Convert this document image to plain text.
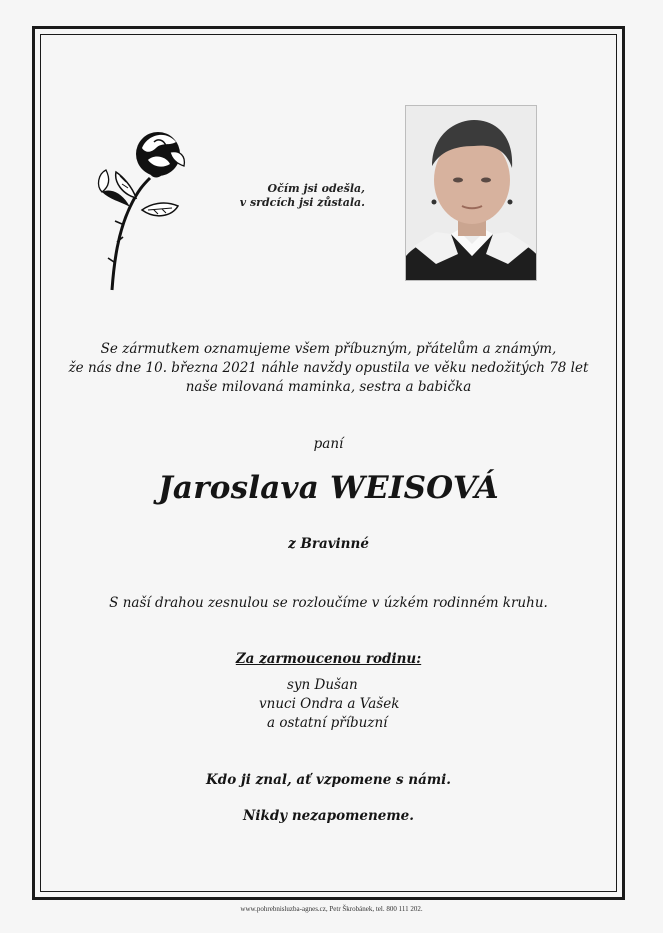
Očím jsi odešla,
v srdcích jsi zůstala.
Se zármutkem oznamujeme všem příbuzným, přátelům a známým,
že nás dne 10. března 2021 náhle navždy opustila ve věku nedožitých 78 let
naše milovaná maminka, sestra a babička
paní
Jaroslava WEISOVÁ
z Bravinné
S naší drahou zesnulou se rozloučíme v úzkém rodinném kruhu.
Za zarmoucenou rodinu:
syn Dušan
vnuci Ondra a Vašek
a ostatní příbuzní
Kdo ji znal, ať vzpomene s námi.
Nikdy nezapomeneme.
www.pohrebnisluzba-agnes.cz, Petr Škrobánek, tel. 800 111 202.
